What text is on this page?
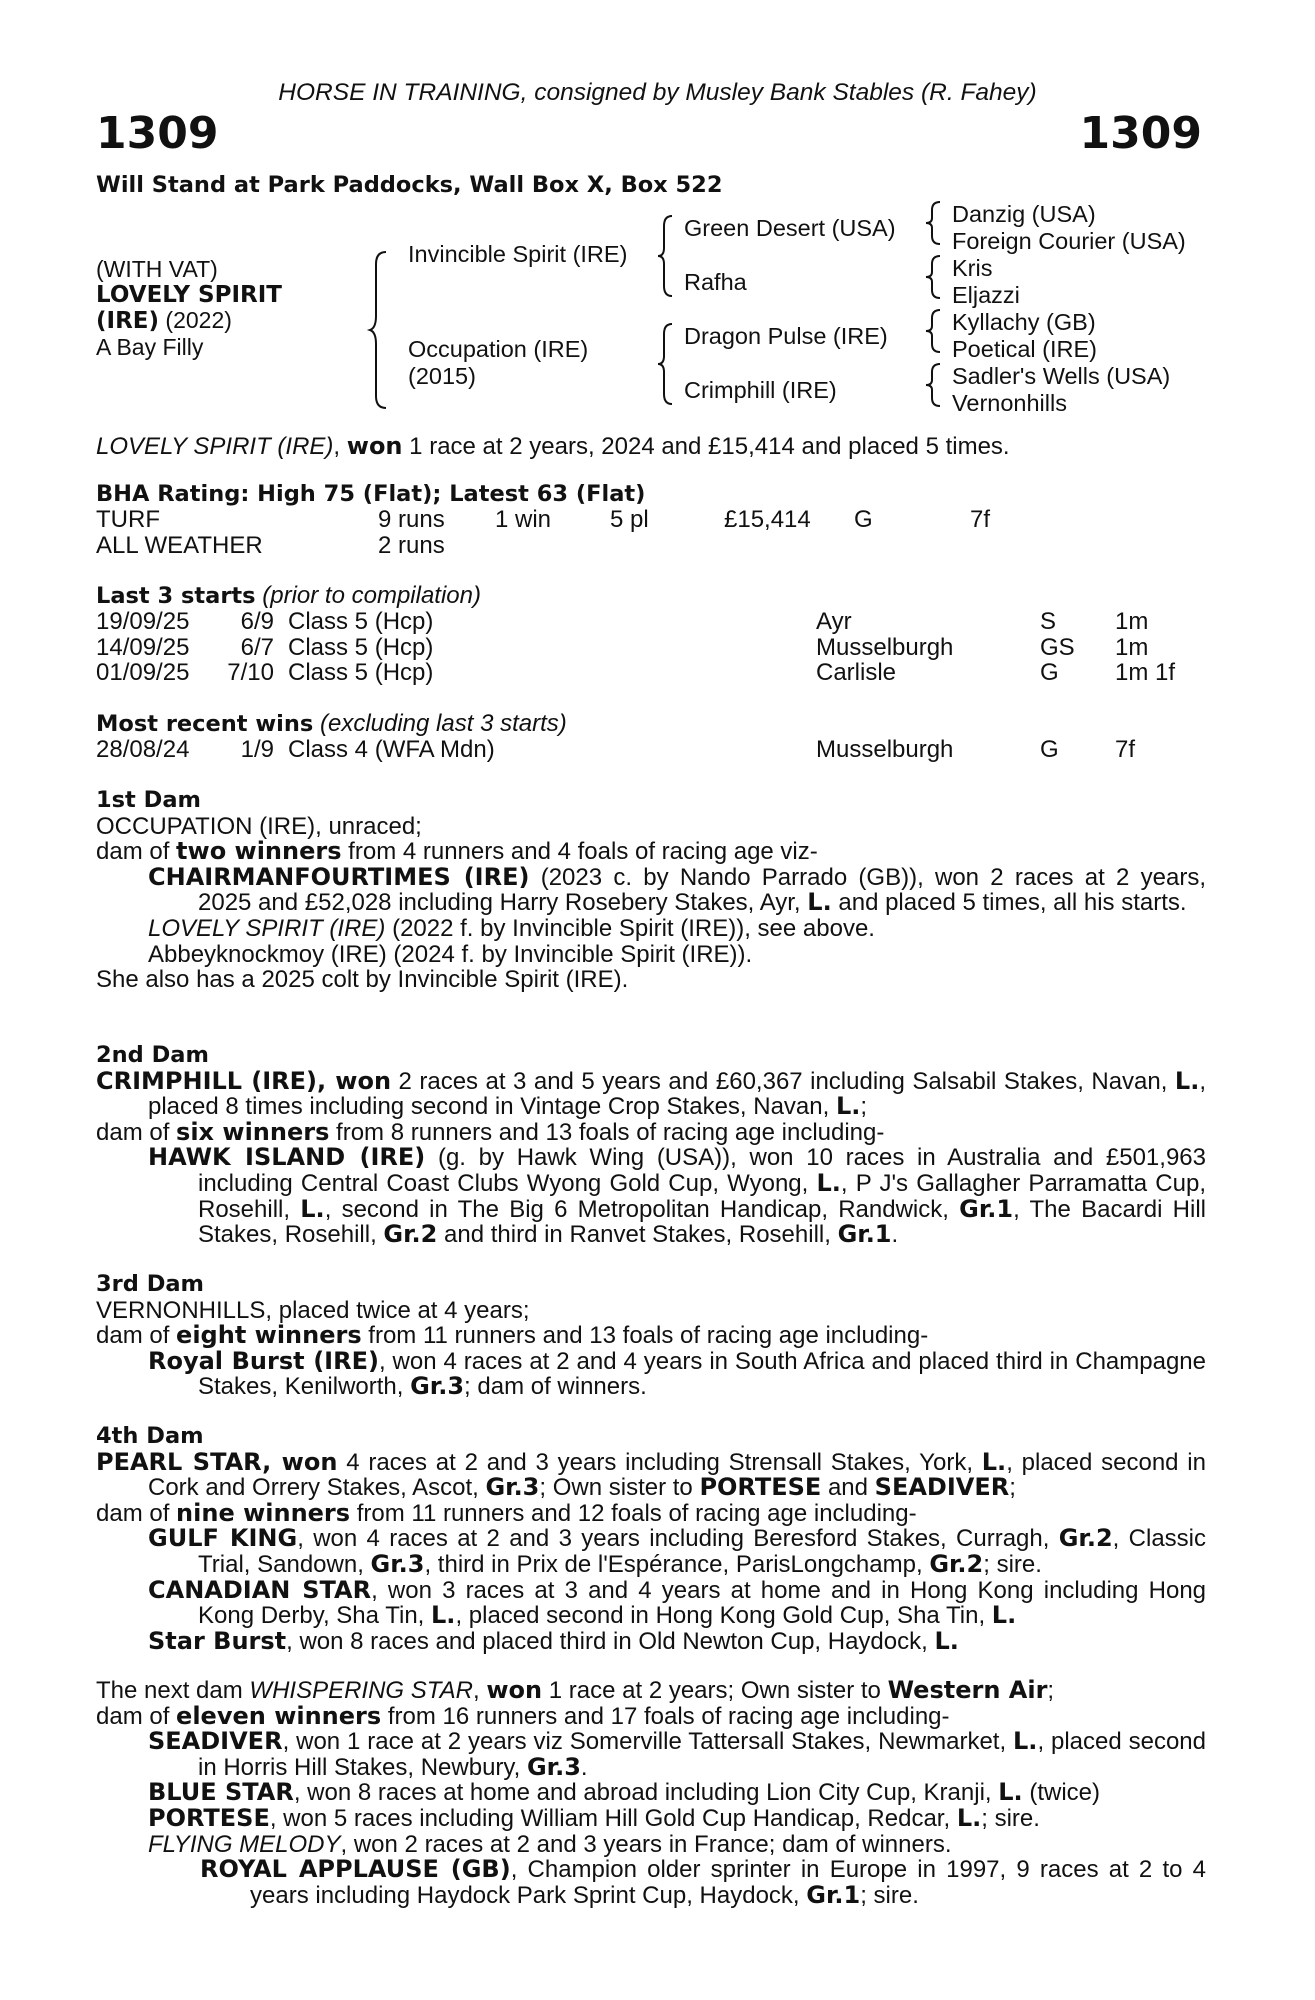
HORSE IN TRAINING, consigned by Musley Bank Stables (R. Fahey)
1309	1309
Will Stand at Park Paddocks, Wall Box X, Box 522
(WITH VAT)
LOVELY SPIRIT
(IRE) (2022)
A Bay Filly
Invincible Spirit (IRE)
Occupation (IRE)
(2015)
Green Desert (USA)
Rafha
Dragon Pulse (IRE)
Crimphill (IRE)
Danzig (USA)
Foreign Courier (USA)
Kris
Eljazzi
Kyllachy (GB)
Poetical (IRE)
Sadler's Wells (USA)
Vernonhills
LOVELY SPIRIT (IRE), won 1 race at 2 years, 2024 and £15,414 and placed 5 times.
BHA Rating: High 75 (Flat); Latest 63 (Flat)
TURF	9 runs 1 win 5 pl	£15,414 G	7f
ALL WEATHER	2 runs
Last 3 starts (prior to compilation)
19/09/25	6/9 Class 5 (Hcp)	Ayr	S 1m
14/09/25	6/7 Class 5 (Hcp)	Musselburgh	GS 1m
01/09/25 7/10 Class 5 (Hcp)	Carlisle	G 1m 1f
Most recent wins (excluding last 3 starts)
28/08/24	1/9 Class 4 (WFA Mdn)	Musselburgh	G 7f
1st Dam
OCCUPATION (IRE), unraced;
dam of two winners from 4 runners and 4 foals of racing age viz-
CHAIRMANFOURTIMES (IRE) (2023 c. by Nando Parrado (GB)), won 2 races at 2 years, 2025 and £52,028 including Harry Rosebery Stakes, Ayr, L. and placed 5 times, all his starts.
LOVELY SPIRIT (IRE) (2022 f. by Invincible Spirit (IRE)), see above.
Abbeyknockmoy (IRE) (2024 f. by Invincible Spirit (IRE)).
She also has a 2025 colt by Invincible Spirit (IRE).
2nd Dam
CRIMPHILL (IRE), won 2 races at 3 and 5 years and £60,367 including Salsabil Stakes, Navan, L., placed 8 times including second in Vintage Crop Stakes, Navan, L.;
dam of six winners from 8 runners and 13 foals of racing age including-
HAWK ISLAND (IRE) (g. by Hawk Wing (USA)), won 10 races in Australia and £501,963 including Central Coast Clubs Wyong Gold Cup, Wyong, L., P J's Gallagher Parramatta Cup, Rosehill, L., second in The Big 6 Metropolitan Handicap, Randwick, Gr.1, The Bacardi Hill Stakes, Rosehill, Gr.2 and third in Ranvet Stakes, Rosehill, Gr.1.
3rd Dam
VERNONHILLS, placed twice at 4 years;
dam of eight winners from 11 runners and 13 foals of racing age including-
Royal Burst (IRE), won 4 races at 2 and 4 years in South Africa and placed third in Champagne Stakes, Kenilworth, Gr.3; dam of winners.
4th Dam
PEARL STAR, won 4 races at 2 and 3 years including Strensall Stakes, York, L., placed second in Cork and Orrery Stakes, Ascot, Gr.3; Own sister to PORTESE and SEADIVER;
dam of nine winners from 11 runners and 12 foals of racing age including-
GULF KING, won 4 races at 2 and 3 years including Beresford Stakes, Curragh, Gr.2, Classic Trial, Sandown, Gr.3, third in Prix de l'Espérance, ParisLongchamp, Gr.2; sire.
CANADIAN STAR, won 3 races at 3 and 4 years at home and in Hong Kong including Hong Kong Derby, Sha Tin, L., placed second in Hong Kong Gold Cup, Sha Tin, L.
Star Burst, won 8 races and placed third in Old Newton Cup, Haydock, L.
The next dam WHISPERING STAR, won 1 race at 2 years; Own sister to Western Air;
dam of eleven winners from 16 runners and 17 foals of racing age including-
SEADIVER, won 1 race at 2 years viz Somerville Tattersall Stakes, Newmarket, L., placed second in Horris Hill Stakes, Newbury, Gr.3.
BLUE STAR, won 8 races at home and abroad including Lion City Cup, Kranji, L. (twice)
PORTESE, won 5 races including William Hill Gold Cup Handicap, Redcar, L.; sire.
FLYING MELODY, won 2 races at 2 and 3 years in France; dam of winners.
ROYAL APPLAUSE (GB), Champion older sprinter in Europe in 1997, 9 races at 2 to 4 years including Haydock Park Sprint Cup, Haydock, Gr.1; sire.
